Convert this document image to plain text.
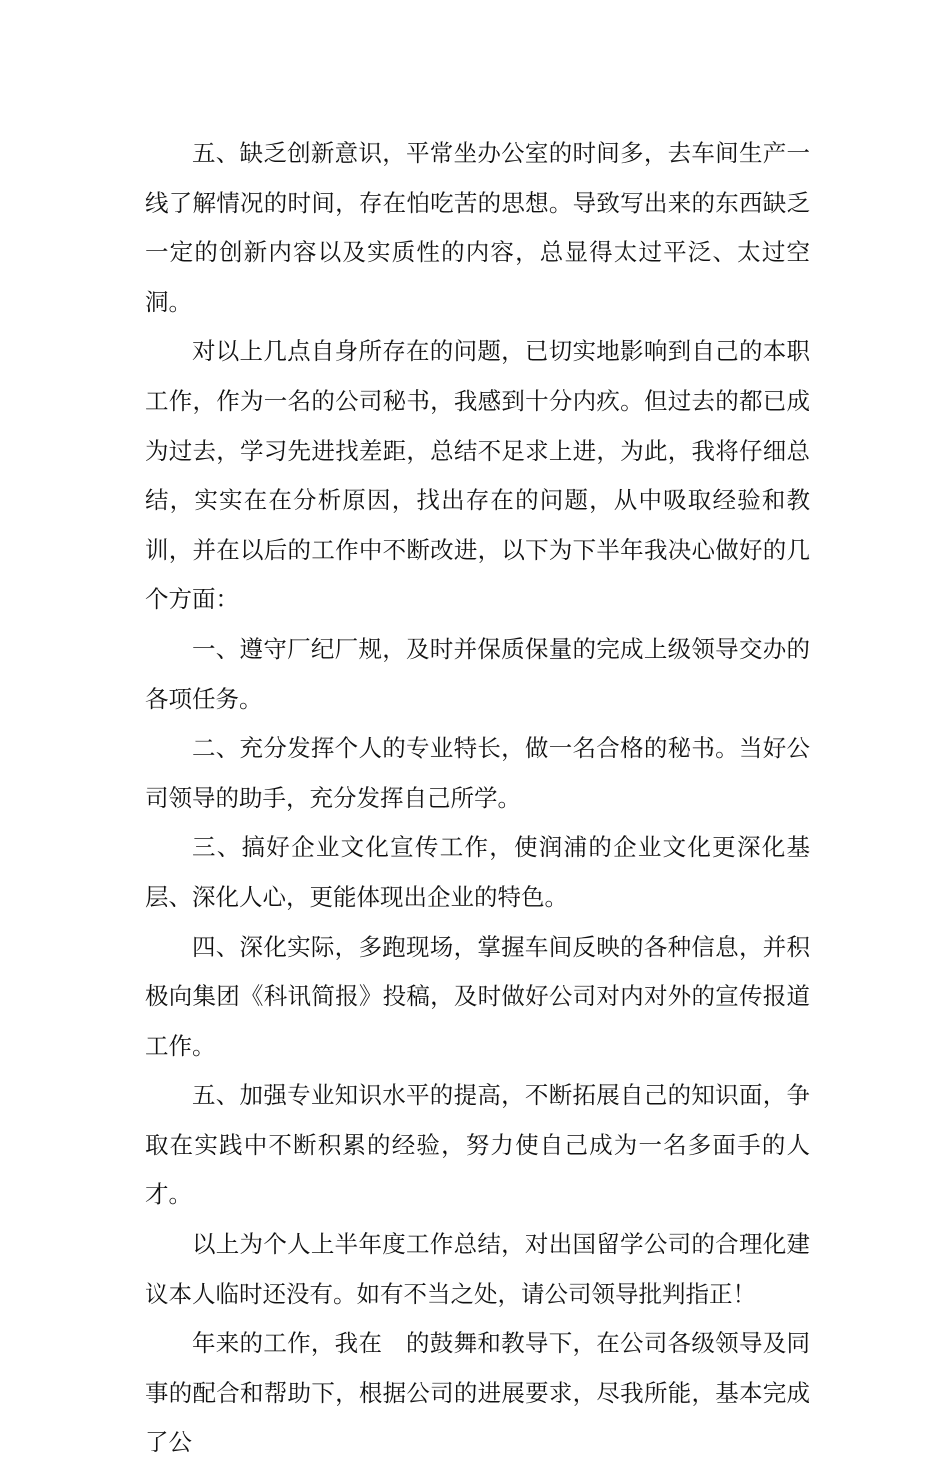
五、缺乏创新意识，平常坐办公室的时间多，去车间生产一线了解情况的时间，存在怕吃苦的思想。导致写出来的东西缺乏一定的创新内容以及实质性的内容，总显得太过平泛、太过空洞。

对以上几点自身所存在的问题，已切实地影响到自己的本职工作，作为一名的公司秘书，我感到十分内疚。但过去的都已成为过去，学习先进找差距，总结不足求上进，为此，我将仔细总结，实实在在分析原因，找出存在的问题，从中吸取经验和教训，并在以后的工作中不断改进，以下为下半年我决心做好的几个方面：

一、遵守厂纪厂规，及时并保质保量的完成上级领导交办的各项任务。

二、充分发挥个人的专业特长，做一名合格的秘书。当好公司领导的助手，充分发挥自己所学。

三、搞好企业文化宣传工作，使润浦的企业文化更深化基层、深化人心，更能体现出企业的特色。

四、深化实际，多跑现场，掌握车间反映的各种信息，并积极向集团《科讯简报》投稿，及时做好公司对内对外的宣传报道工作。

五、加强专业知识水平的提高，不断拓展自己的知识面，争取在实践中不断积累的经验，努力使自己成为一名多面手的人才。

以上为个人上半年度工作总结，对出国留学公司的合理化建议本人临时还没有。如有不当之处，请公司领导批判指正！

年来的工作，我在　的鼓舞和教导下，在公司各级领导及同事的配合和帮助下，根据公司的进展要求，尽我所能，基本完成了公
